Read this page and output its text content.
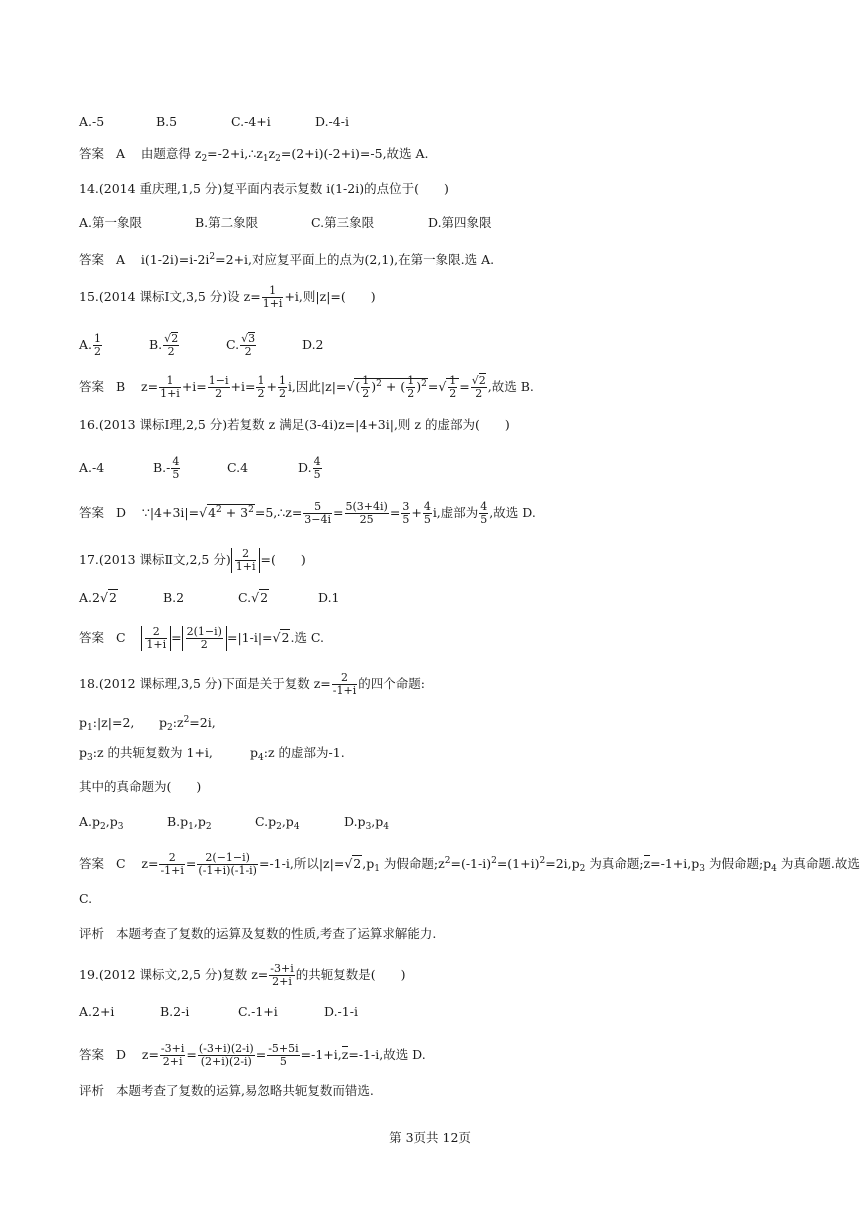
A.-5	B.5	C.-4+i	D.-4-i
答案 A 由题意得 $z_2=-2+i,\therefore z_1z_2=(2+i)(-2+i)=-5$,故选 A.
14.(2014 重庆理,1,5 分)复平面内表示复数 i(1-2i)的点位于(　　)
A.第一象限	B.第二象限	C.第三象限	D.第四象限
答案 A $i(1-2i)=i-2i^2=2+i$,对应复平面上的点为(2,1),在第一象限.选 A.
15.(2014 课标Ⅰ文,3,5 分)设 $z= \frac{1}{1+i} +i$,则|z|=(　　)
A. $\frac{1}{2}$	B. $\frac{√2}{2}$	C. $\frac{√3}{2}$	D.2
答案 B    $z= \frac{1}{1+i} +i= \frac{1-i}{2} +i= \frac{1}{2} + \frac{1}{2} i$,因此$|z|=√( \frac{1}{2} )^2$ + ( $\frac{1}{2} )^2=√ \frac{1}{2} = \frac{√2}{2}$ ,故选 B.
16.(2013 课标Ⅰ理,2,5 分)若复数 z 满足(3-4i)z=|4+3i|,则 z 的虚部为(　　)
A.-4	$B.- \frac{4}{5}$	C.4	D. $\frac{4}{5}$
答案 D $\because|4+3i|=√4^2$ + $3^2=5,\therefore z= \frac{5}{3-4i} = \frac{5(3+4i)}{25} = \frac{3}{5} + \frac{4}{5} i$,虚部为 $\frac{4}{5}$ ,故选 D.
17.(2013 课标Ⅱ文,2,5 分) $\frac{2}{1+i}$ =(　　)
A.2√2	B.2	C.√2	D.1
答案 C $\frac{2}{1+i} = \frac{2(1-i)}{2} =|1-i|=√2$.选 C.
18.(2012 课标理,3,5 分)下面是关于复数 $z= \frac{2}{-1+i}$ 的四个命题:
$p_1:|z|=2$, $p_2:z^2=2i$,
$p_3:z$ 的共轭复数为 1+i,	$p_4:z$ 的虚部为-1.
其中的真命题为(　　)
A.p2,p3	B.p1,p2	C.p2,p4	D.p3,p4
答案 C    $z= \frac{2}{-1+i} = \frac{2(-1-i)}{(-1+i)(-1-i)} =-1-i$,所以$|z|=√2,p_1$ 为假命题$;z^2=(-1-i)^2=(1+i)^2=2i,p_2$ 为真命题$;z=-1+i,p_3$ 为假命题$;p_4$ 为真命题.故选
C.
评析 本题考查了复数的运算及复数的性质,考查了运算求解能力.
19.(2012 课标文,2,5 分)复数 $z= \frac{-3+i}{2+i}$ 的共轭复数是(　　)
A.2+i	B.2-i	C.-1+i	D.-1-i
答案 D    $z= \frac{-3+i}{2+i} = \frac{(-3+i)(2-i)}{(2+i)(2-i)} = \frac{-5+5i}{5} =-1+i,z=-1-i$,故选 D.
评析 本题考查了复数的运算,易忽略共轭复数而错选.
第 3页共 12页
